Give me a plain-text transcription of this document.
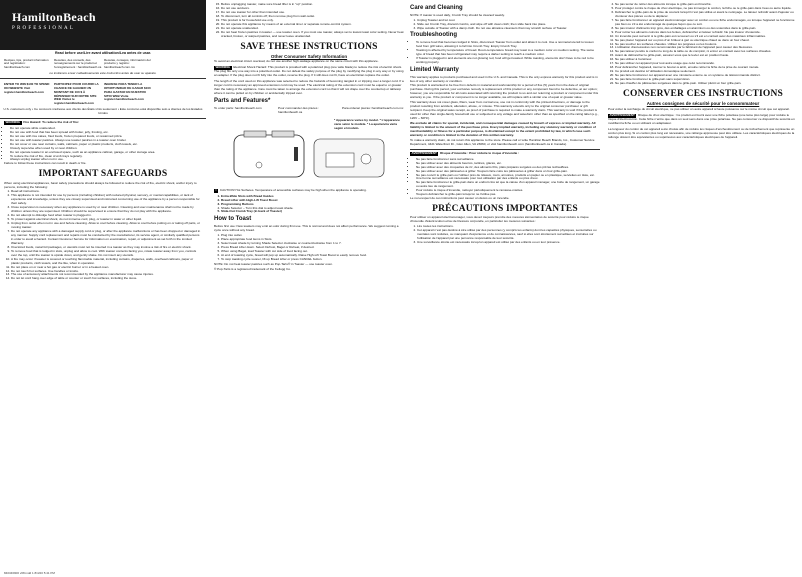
HamiltonBeach
PROFESSIONAL
Read before use/Lire avant utilisation/Lea antes de usar.
Recipes, tips, product information and registration: hamiltonbeach.com
Recettes, des conseils, des renseignements sur le produit et l'enregistrement : hamiltonbeach.ca
Recetas, consejos, información del producto y registro: hamiltonbeach.com.mx
Le invitamos a leer cuidadosamente este instructivo antes de usar su aparato.
ENTER TO WIN $100 TO SPEND ON WEBSITE Visit register.hamiltonbeach.com
PARTICIPEZ POUR COURIR LA CHANCE DE GAGNER UN MONTANT DE 100 $ À DÉPENSER SUR NOTRE SITE WEB Visitez le register.hamiltonbeach.com
INGRESE PARA TENER LA OPORTUNIDAD DE GANAR $100 PARA GASTAR EN NUESTRO SITIO WEB Visite register.hamiltonbeach.com
U.S. customers only • Ce concours s'adresse aux clients des États-Unis seulement • Este concurso está disponible solo a clientes de los Estados Unidos
WARNING Fire Hazard: To reduce the risk of fire:
• Do not operate while unattended.
• Do not use with food that has been spread with butter, jelly, frosting, etc.
• Do not use with rice cakes, fried foods, frozen prepared foods, or rewarmed pizza.
• Do not use with toaster pastries. Always use toaster pastries in a toaster oven broiler.
• Do not cover or use near curtains, walls, cabinets, paper or plastic products, cloth towels, etc.
• Closely supervise when used by or near children.
• Do not operate toaster in an enclosed space, such as an appliance cabinet, garage, or other storage area.
• To reduce the risk of fire, clean crumb trays regularly.
• Always unplug toaster when not in use.
Failure to follow these instructions can result in death or fire.
IMPORTANT SAFEGUARDS
When using electrical appliances, basic safety precautions should always be followed to reduce the risk of fire, electric shock, and/or injury to persons, including the following:
1. Read all instructions.
2. This appliance is not intended for use by persons (including children) with reduced physical, sensory, or mental capabilities, or lack of experience and knowledge, unless they are closely supervised and instructed concerning use of the appliance by a person responsible for their safety.
3. Close supervision is necessary when any appliance is used by or near children. Cleaning and user maintenance shall not be made by children unless they are supervised. Children should be supervised to ensure that they do not play with the appliance.
4. Do not attempt to dislodge food when toaster is plugged in.
5. To protect against electrical shock, do not immerse cord, plug, or toaster in water or other liquid.
6. Unplug from outlet when not in use and before cleaning. Allow to cool before cleaning. Allow to cool before putting on or taking off parts, or moving toaster.
7. Do not operate any appliance with a damaged supply cord or plug, or after the appliance malfunctions or has been dropped or damaged in any manner. Supply cord replacement and repairs must be conducted by the manufacturer, its service agent, or similarly qualified persons in order to avoid a hazard. Contact Customer Service for information on examination, repair, or adjustment as set forth in the Limited Warranty.
8. Oversized foods, metal foil packages, or utensils must not be inserted in a toaster as they may involve a risk of fire or electric shock.
9. To remove food that is lodged in slots, unplug and allow to cool. With toaster contents facing you, rotate toaster away from you, controls over the top, until the toaster is upside down, and gently shake. Do not insert any utensils.
10. A fire may occur if toaster is covered or touching flammable material, including curtains, draperies, walls, overhead cabinets, paper or plastic products, cloth towels, and the like, when in operation.
11. Do not place on or near a hot gas or electric burner or in a heated oven.
12. Do not touch hot surfaces. Use handles or knobs.
13. The use of accessory attachments not recommended by the appliance manufacturer may cause injuries.
14. Do not let cord hang over edge of table or counter or touch hot surfaces, including the stove.
15. Before unplugging toaster, make sure bread lifter is in "up" position.
16. Do not use outdoors.
17. Do not use toaster for other than intended use.
18. To disconnect, turn all controls off; then remove plug from wall outlet.
19. This product is for household use only.
20. Do not operate this appliance by means of an external timer or separate remote-control system.
21. Do not operate unattended.
22. Do not heat frozen pastries in toaster — use toaster oven. If you must use toaster, always set to lowest toast color setting. Never heat cracked, broken, or warped pastries, and never leave unattended.
SAVE THESE INSTRUCTIONS
Other Consumer Safety Information
To avoid an electrical circuit overload, do not use another high-wattage appliance on the same circuit with this appliance.
WARNING Electrical Shock Hazard: This product is provided with a polarized plug (one wide blade) to reduce the risk of electric shock. The plug fits only one way into a polarized outlet. Do not defeat the safety purpose of the plug by modifying the plug in any way or by using an adapter. If the plug does not fit fully into the outlet, reverse the plug. If it still does not fit, have an electrician replace the outlet.
The length of the cord used on this appliance was selected to reduce the hazards of becoming tangled in or tripping over a longer cord. If a longer cord is necessary an approved extension cord may be used. The electrical rating of the extension cord must be equal to or greater than the rating of the appliance. Care must be taken to arrange the extension cord so that it will not drape over the countertop or tabletop where it can be pulled on by children or accidentally tripped over.
Parts and Features*
To order parts: hamiltonbeach.com	Pour commander des pièces : hamiltonbeach.ca
Para ordenar piezas: hamiltonbeach.com.mx
* Appearance varies by model. * L'apparence varie selon le modèle. * La apariencia varía según el modelo.
! CAUTION! Hot Surfaces. Temperature of accessible surfaces may be high when the appliance is operating.
1. Extra-Wide Slots with Bread Guides
2. Bread Lifter with High-Lift Toast Boost
3. Programming Buttons
4. Shade Selector – Turn this dial to adjust toast shade.
5. Slide-Out Crumb Tray (in back of Toaster)
How to Toast
Before first use: New toasters may emit an odor during first use. This is normal and does not affect performance. We suggest running a cycle once without any bread.
1. Plug into outlet.
2. Place appropriate food items in Slots.
3. Select toast shade by turning Shade Selector clockwise or counterclockwise from 1 to 7.
4. Press Bread Lifter down. Select Defrost, Bagel or Reheat, if desired.
5. When using Bagel, load Toaster with cut side of food facing out.
6. At end of toasting cycle, bread will pop up automatically. Raise High-Lift Toast Boost to easily remove food.
7. To stop toasting cycle sooner, lift up Bread Lifter or press CANCEL button.
NOTE: Do not heat toaster pastries such as Pop-Tarts® in Toaster — use toaster oven.
® Pop-Tarts is a registered trademark of the Kellogg Co.
Care and Cleaning
NOTE: If toaster is used daily, Crumb Tray should be cleaned weekly.
1. Unplug Toaster and let cool.
2. Slide out Crumb Tray, discard crumbs, and wipe off with clean cloth; then slide back into place.
3. Wipe outside of Toaster with a damp cloth. Do not use abrasive cleansers that may scratch surface of Toaster.
Troubleshooting
• To remove food that becomes lodged in Slots, disconnect Toaster from outlet and allow it to cool. Use a nonmetal utensil to loosen food from grill wires, allowing it to fall into Crumb Tray. Empty Crumb Tray.
• Toasting is affected by temperature of bread. Room-temperature bread may toast to a medium color on medium setting. The same type of bread that has been refrigerated may require a darker setting to reach a medium color.
• If Toaster is plugged in and elements are not glowing red, food will get toasted. While toasting, elements don't have to be red to be working properly.
Limited Warranty
This warranty applies to products purchased and used in the U.S. and Canada. This is the only express warranty for this product and is in lieu of any other warranty or condition.
This product is warranted to be free from defects in material and workmanship for a period of five (5) years from the date of original purchase. During this period, your exclusive remedy is replacement of this product or any component found to be defective, at our option; however, you are responsible for all costs associated with returning the product to us and our returning a product or component under this warranty to you. If the product or component is no longer available, we will replace with a similar one of equal or greater value.
This warranty does not cover glass, filters, wear from normal use, use not in conformity with the printed directions, or damage to the product resulting from accident, alteration, abuse, or misuse. This warranty extends only to the original consumer purchaser or gift recipient. Keep the original sales receipt, as proof of purchase is required to make a warranty claim. This warranty is void if the product is used for other than single-family household use or subjected to any voltage and waveform other than as specified on the rating label (e.g., 120V ~ 60Hz).
We exclude all claims for special, incidental, and consequential damages caused by breach of express or implied warranty. All liability is limited to the amount of the purchase price. Every implied warranty, including any statutory warranty or condition of merchantability or fitness for a particular purpose, is disclaimed except to the extent prohibited by law, in which case such warranty or condition is limited to the duration of this written warranty.
To make a warranty claim, do not return this appliance to the store. Please call or write Hamilton Beach Brands, Inc., Customer Service Department, 4421 Waterfront Dr., Glen Allen, VA 23060, or visit hamiltonbeach.com (hamiltonbeach.ca in Canada).
AVERTISSEMENT Risque d'incendie : Pour réduire le risque d'incendie :
• Ne pas faire fonctionner sans surveillance.
• Ne pas utiliser avec des aliments beurrés, tartinés, glacés, etc.
• Ne pas utiliser avec des croquettes de riz, des aliments frits, plats préparés surgelés ou des pizzas réchauffées.
• Ne pas utiliser avec des pâtisseries à griller. Toujours faire cuire les pâtisseries à griller dans un four grille-pain.
• Ne pas couvrir le grille-pain ou l'utiliser près de rideaux, murs, armoires, produits en papier ou en plastique, serviettes en tissu, etc.
• Une bonne surveillance est nécessaire pour tout utilisation par des enfants ou près d'eux.
• Ne pas faire fonctionner le grille-pain dans un endroit clos tel que la caisse d'un appareil ménager, une boîte de rangement, un garage ou autre lieu de rangement.
• Pour réduire le risque d'incendie, nettoyer périodiquement le ramasse-miettes.
• Toujours débrancher le grille-pain lorsqu'on ne l'utilise pas.
Le non-respect de ces instructions peut causer un décès ou un incendie.
PRÉCAUTIONS IMPORTANTES
Pour utiliser un appareil électroménager, vous devez toujours prendre des mesures élémentaires de sécurité pour réduire le risque d'incendie d'électrocution et/ou de blessure corporelle, en particulier les mesures suivantes :
1. Lire toutes les instructions.
2. Cet appareil n'est pas destiné à être utilisé par des personnes (y compris les enfants) dont les capacités physiques, sensorielles ou mentales sont réduites, ou manquant d'expérience et de connaissances, sauf si elles sont étroitement surveillées et instruites sur l'utilisation de l'appareil par une personne responsable de leur sécurité.
3. Une surveillance étroite est nécessaire lorsqu'un appareil est utilisé par des enfants ou en leur présence.
4. Ne pas tenter de retirer des aliments lorsque le grille-pain est branché.
5. Pour protéger contre le risque de choc électrique, ne pas immerger le cordon, la fiche ou le grille-pain dans l'eau ou autre liquide.
6. Débrancher le grille-pain de la prise de courant lorsqu'il n'est pas utilisé et avant le nettoyage. Le laisser refroidir avant d'ajouter ou d'enlever des pièces ou de le déplacer.
7. Ne pas faire fonctionner un appareil électroménager avec un cordon ou une fiche endommagés, ou lorsque l'appareil ne fonctionne pas bien ou s'il a été endommagé de quelque façon que ce soit.
8. Ne pas insérer d'aliments trop gros, des emballages en aluminium ou des ustensiles dans le grille-pain.
9. Pour retirer les aliments coincés dans les fentes, débrancher et laisser refroidir. Ne pas insérer d'ustensile.
10. Un incendie peut survenir si le grille-pain est recouvert ou s'il est en contact avec des matériaux inflammables.
11. Ne pas placer l'appareil sur ou près d'un brûleur à gaz ou électrique chaud ou dans un four chaud.
12. Ne pas toucher les surfaces chaudes. Utiliser les poignées ou les boutons.
13. L'utilisation d'accessoires non recommandés par le fabricant de l'appareil peut causer des blessures.
14. Ne pas laisser pendre le cordon le long de la table ou du comptoir, ni entrer en contact avec les surfaces chaudes.
15. Avant de débrancher le grille-pain, assurez-vous que le levier est en position haute.
16. Ne pas utiliser à l'extérieur.
17. Ne pas utiliser cet appareil pour tout autre usage que celui recommandé.
18. Pour débrancher l'appareil, tourner le bouton à arrêt, ensuite retirer la fiche de la prise de courant murale.
19. Ce produit est destiné à l'utilisation domestique seulement.
20. Ne pas faire fonctionner cet appareil avec une minuterie externe ou un système de télécommande distinct.
21. Ne pas faire fonctionner le grille-pain sans supervision.
22. Ne pas chauffer de pâtisseries surgelées dans le grille-pain. Utiliser plutôt un four grille-pain.
CONSERVER CES INSTRUCTIONS
Autres consignes de sécurité pour le consommateur
Pour éviter la surcharge du circuit électrique, ne pas utiliser un autre appareil à haute puissance sur le même circuit que cet appareil.
AVERTISSEMENT Risque de choc électrique : Ce produit est fourni avec une fiche polarisée (une lame plus large) pour réduire le risque d'électrocution. Cette fiche n'entre que dans un seul sens dans une prise polarisée. Ne pas contourner ce dispositif de sécurité en modifiant la fiche ou en utilisant un adaptateur.
La longueur du cordon de cet appareil a été choisie afin de réduire les risques d'enchevêtrement ou de trébuchement que représente un cordon plus long. Si un cordon plus long est nécessaire, une rallonge approuvée peut être utilisée. Les caractéristiques électriques de la rallonge doivent être équivalentes ou supérieures aux caractéristiques électriques de l'appareil.
840346900 v08.indd 1 8/4/20 5:41 PM
